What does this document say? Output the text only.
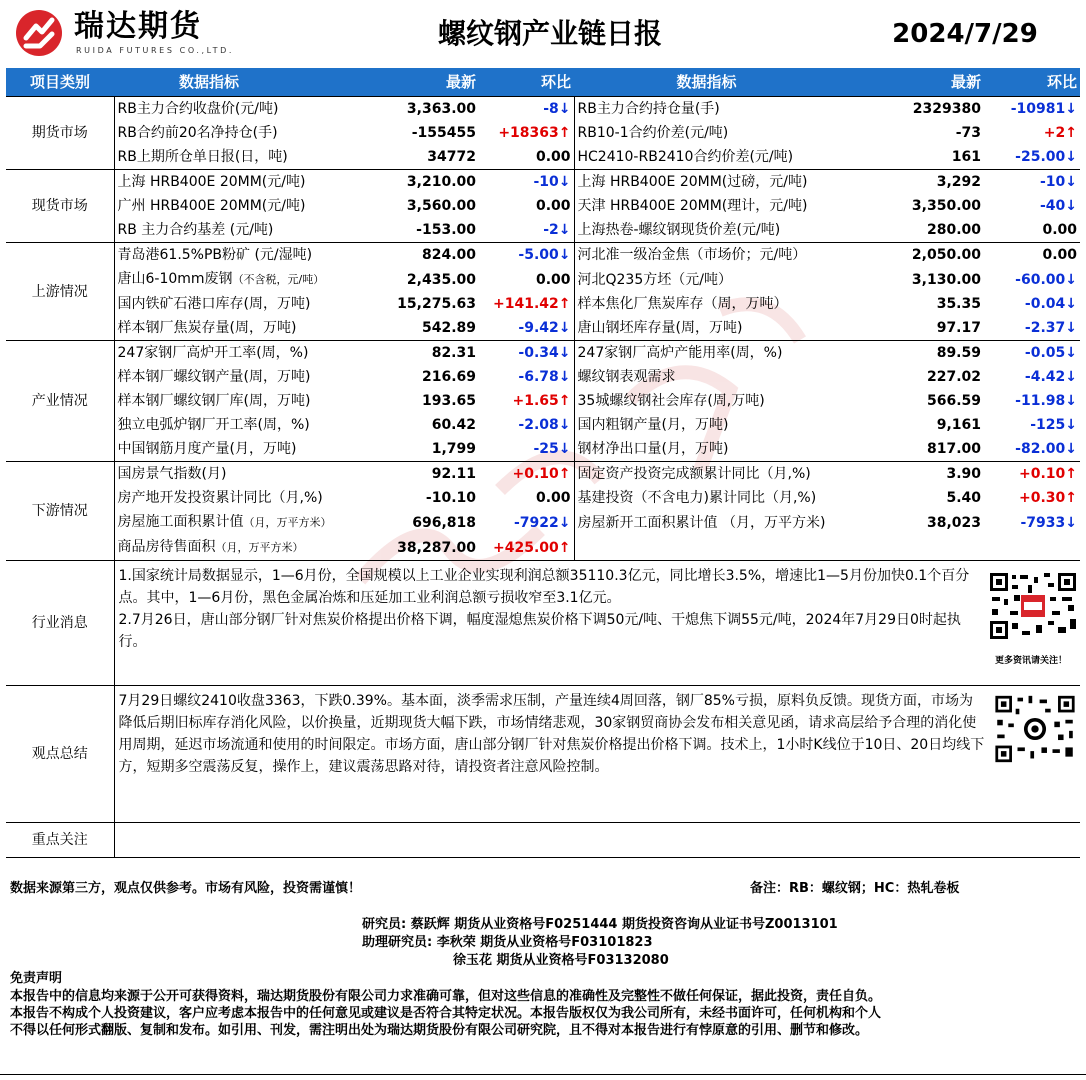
瑞达期货
RUIDA FUTURES CO.,LTD.
螺纹钢产业链日报	2024/7/29
项目类别	数据指标	最新	环比	数据指标	最新	环比
期货市场	RB主力合约收盘价(元/吨)	3,363.00	-8↓	RB主力合约持仓量(手)	2329380	-10981↓
	RB合约前20名净持仓(手)	-155455	+18363↑	RB10-1合约价差(元/吨)	-73	+2↑
	RB上期所仓单日报(日，吨)	34772	0.00	HC2410-RB2410合约价差(元/吨)	161	-25.00↓
现货市场	上海 HRB400E 20MM(元/吨)	3,210.00	-10↓	上海 HRB400E 20MM(过磅，元/吨)	3,292	-10↓
	广州 HRB400E 20MM(元/吨)	3,560.00	0.00	天津 HRB400E 20MM(理计，元/吨)	3,350.00	-40↓
	RB 主力合约基差 (元/吨)	-153.00	-2↓	上海热卷-螺纹钢现货价差(元/吨)	280.00	0.00
上游情况	青岛港61.5%PB粉矿 (元/湿吨)	824.00	-5.00↓	河北准一级冶金焦（市场价；元/吨）	2,050.00	0.00
	唐山6-10mm废钢（不含税，元/吨）	2,435.00	0.00	河北Q235方坯（元/吨）	3,130.00	-60.00↓
	国内铁矿石港口库存(周，万吨)	15,275.63	+141.42↑	样本焦化厂焦炭库存（周，万吨）	35.35	-0.04↓
	样本钢厂焦炭存量(周，万吨)	542.89	-9.42↓	唐山钢坯库存量(周，万吨)	97.17	-2.37↓
产业情况	247家钢厂高炉开工率(周，%)	82.31	-0.34↓	247家钢厂高炉产能用率(周，%)	89.59	-0.05↓
	样本钢厂螺纹钢产量(周，万吨)	216.69	-6.78↓	螺纹钢表观需求	227.02	-4.42↓
	样本钢厂螺纹钢厂库(周，万吨)	193.65	+1.65↑	35城螺纹钢社会库存(周,万吨)	566.59	-11.98↓
	独立电弧炉钢厂开工率(周，%)	60.42	-2.08↓	国内粗钢产量(月，万吨)	9,161	-125↓
	中国钢筋月度产量(月，万吨)	1,799	-25↓	钢材净出口量(月，万吨)	817.00	-82.00↓
下游情况	国房景气指数(月)	92.11	+0.10↑	固定资产投资完成额累计同比（月,%)	3.90	+0.10↑
	房产地开发投资累计同比（月,%)	-10.10	0.00	基建投资（不含电力)累计同比（月,%)	5.40	+0.30↑
	房屋施工面积累计值（月，万平方米）	696,818	-7922↓	房屋新开工面积累计值 （月，万平方米)	38,023	-7933↓
	商品房待售面积（月，万平方米）	38,287.00	+425.00↑			
行业消息	1.国家统计局数据显示，1—6月份，全国规模以上工业企业实现利润总额35110.3亿元，同比增长3.5%，增速比1—5月份加快0.1个百分点。其中，1—6月份，黑色金属冶炼和压延加工业利润总额亏损收窄至3.1亿元。
2.7月26日，唐山部分钢厂针对焦炭价格提出价格下调，幅度湿熄焦炭价格下调50元/吨、干熄焦下调55元/吨，2024年7月29日0时起执行。					

观点总结	7月29日螺纹2410收盘3363，下跌0.39%。基本面，淡季需求压制，产量连续4周回落，钢厂85%亏损，原料负反馈。现货方面，市场为降低后期旧标库存消化风险，以价换量，近期现货大幅下跌，市场情绪悲观，30家钢贸商协会发布相关意见函，请求高层给予合理的消化使用周期，延迟市场流通和使用的时间限定。市场方面，唐山部分钢厂针对焦炭价格提出价格下调。技术上，1小时K线位于10日、20日均线下方，短期多空震荡反复，操作上，建议震荡思路对待，请投资者注意风险控制。					

重点关注						
更多资讯请关注！
数据来源第三方，观点仅供参考。市场有风险，投资需谨慎！	备注：RB：螺纹钢；HC：热轧卷板
研究员: 蔡跃辉 期货从业资格号F0251444 期货投资咨询从业证书号Z0013101
助理研究员: 李秋荣 期货从业资格号F03101823
徐玉花 期货从业资格号F03132080
免责声明
本报告中的信息均来源于公开可获得资料，瑞达期货股份有限公司力求准确可靠，但对这些信息的准确性及完整性不做任何保证，据此投资，责任自负。
本报告不构成个人投资建议，客户应考虑本报告中的任何意见或建议是否符合其特定状况。本报告版权仅为我公司所有，未经书面许可，任何机构和个人
不得以任何形式翻版、复制和发布。如引用、刊发，需注明出处为瑞达期货股份有限公司研究院，且不得对本报告进行有悖原意的引用、删节和修改。
